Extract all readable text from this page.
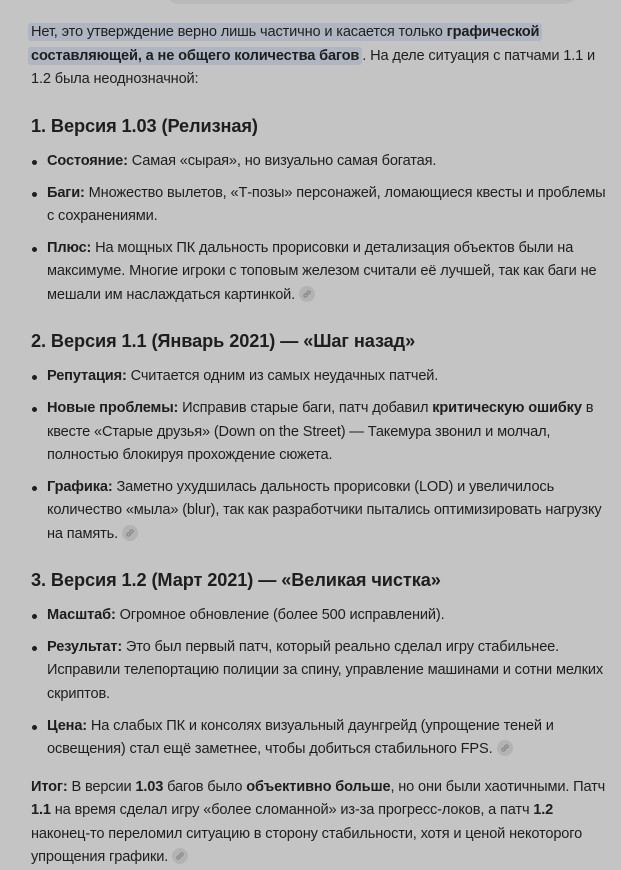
Нет, это утверждение верно лишь частично и касается только графической составляющей, а не общего количества багов . На деле ситуация с патчами 1.1 и 1.2 была неоднозначной:

1. Версия 1.03 (Релизная)
Состояние: Самая «сырая», но визуально самая богатая.
Баги: Множество вылетов, «Т-позы» персонажей, ломающиеся квесты и проблемы с сохранениями.
Плюс: На мощных ПК дальность прорисовки и детализация объектов были на максимуме. Многие игроки с топовым железом считали её лучшей, так как баги не мешали им наслаждаться картинкой.
2. Версия 1.1 (Январь 2021) — «Шаг назад»
Репутация: Считается одним из самых неудачных патчей.
Новые проблемы: Исправив старые баги, патч добавил критическую ошибку в квесте «Старые друзья» (Down on the Street) — Такемура звонил и молчал, полностью блокируя прохождение сюжета.
Графика: Заметно ухудшилась дальность прорисовки (LOD) и увеличилось количество «мыла» (blur), так как разработчики пытались оптимизировать нагрузку на память.
3. Версия 1.2 (Март 2021) — «Великая чистка»
Масштаб: Огромное обновление (более 500 исправлений).
Результат: Это был первый патч, который реально сделал игру стабильнее. Исправили телепортацию полиции за спину, управление машинами и сотни мелких скриптов.
Цена: На слабых ПК и консолях визуальный даунгрейд (упрощение теней и освещения) стал ещё заметнее, чтобы добиться стабильного FPS.

Итог: В версии 1.03 багов было объективно больше, но они были хаотичными. Патч 1.1 на время сделал игру «более сломанной» из-за прогресс-локов, а патч 1.2 наконец-то переломил ситуацию в сторону стабильности, хотя и ценой некоторого упрощения графики.
